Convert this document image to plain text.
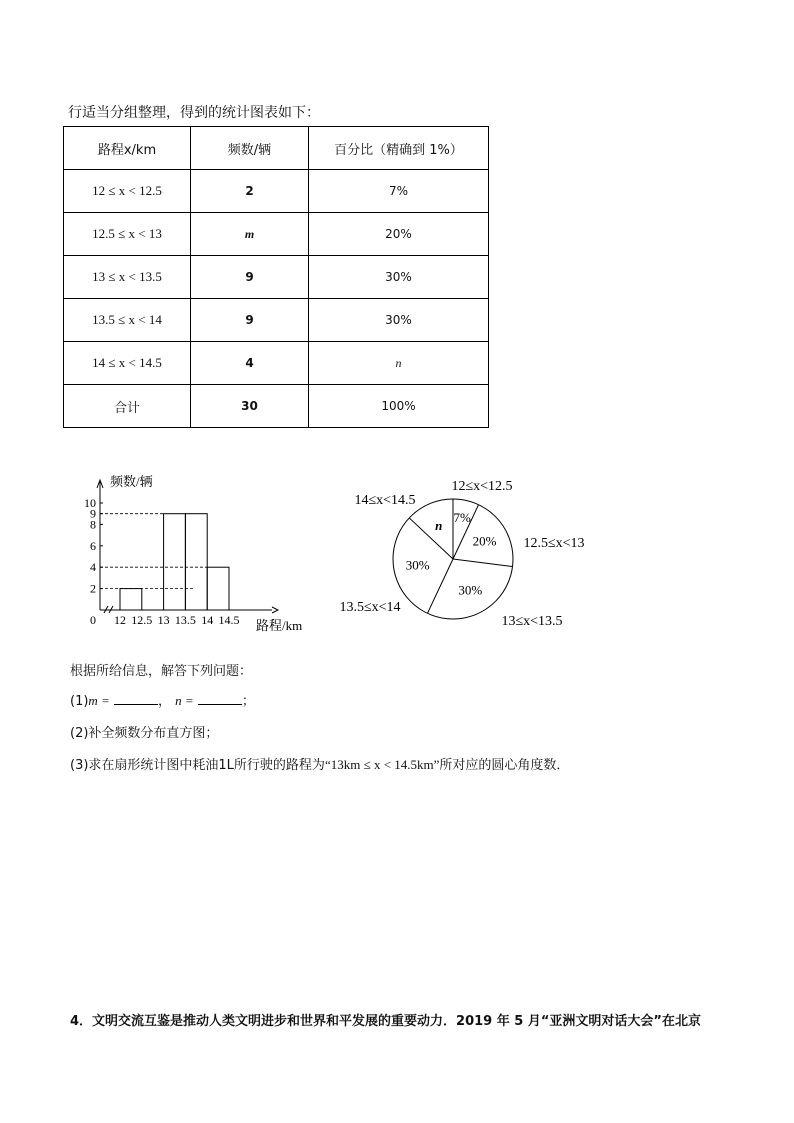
行适当分组整理，得到的统计图表如下：
路程x/km	频数/辆	百分比（精确到 1%）
12 ≤ x < 12.5	2	7%
12.5 ≤ x < 13	m	20%
13 ≤ x < 13.5	9	30%
13.5 ≤ x < 14	9	30%
14 ≤ x < 14.5	4	n
合计	30	100%
频数/辆
路程/km
0
2
4
6
8
9
10
12 12.5 13 13.5 14 14.5
7%
12≤x<12.5
20% 12.5≤x<13
30%
13≤x<13.5
30%
13.5≤x<14
n
14≤x<14.5
根据所给信息，解答下列问题：
(1)m =	， n =	；
(2)补全频数分布直方图；
(3)求在扇形统计图中耗油1L所行驶的路程为“13km ≤ x < 14.5km”所对应的圆心角度数．
4．文明交流互鉴是推动人类文明进步和世界和平发展的重要动力．2019 年 5 月“亚洲文明对话大会”在北京
